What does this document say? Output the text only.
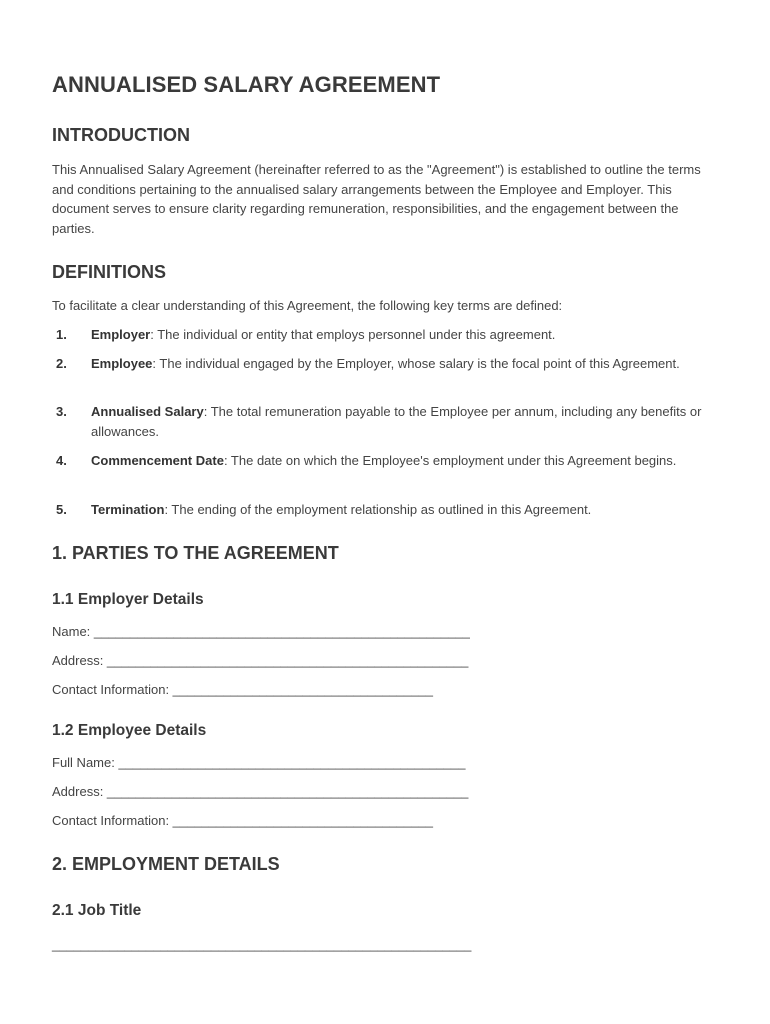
ANNUALISED SALARY AGREEMENT
INTRODUCTION

This Annualised Salary Agreement (hereinafter referred to as the "Agreement") is established to outline the terms and conditions pertaining to the annualised salary arrangements between the Employee and Employer. This document serves to ensure clarity regarding remuneration, responsibilities, and the engagement between the parties.

DEFINITIONS

To facilitate a clear understanding of this Agreement, the following key terms are defined:

1. Employer: The individual or entity that employs personnel under this agreement.
2. Employee: The individual engaged by the Employer, whose salary is the focal point of this Agreement.
3. Annualised Salary: The total remuneration payable to the Employee per annum, including any benefits or allowances.
4. Commencement Date: The date on which the Employee's employment under this Agreement begins.
5. Termination: The ending of the employment relationship as outlined in this Agreement.
1. PARTIES TO THE AGREEMENT
1.1 Employer Details

Name: ____________________________________________________

Address: __________________________________________________

Contact Information: ____________________________________

1.2 Employee Details

Full Name: ________________________________________________

Address: __________________________________________________

Contact Information: ____________________________________

2. EMPLOYMENT DETAILS
2.1 Job Title

__________________________________________________________
